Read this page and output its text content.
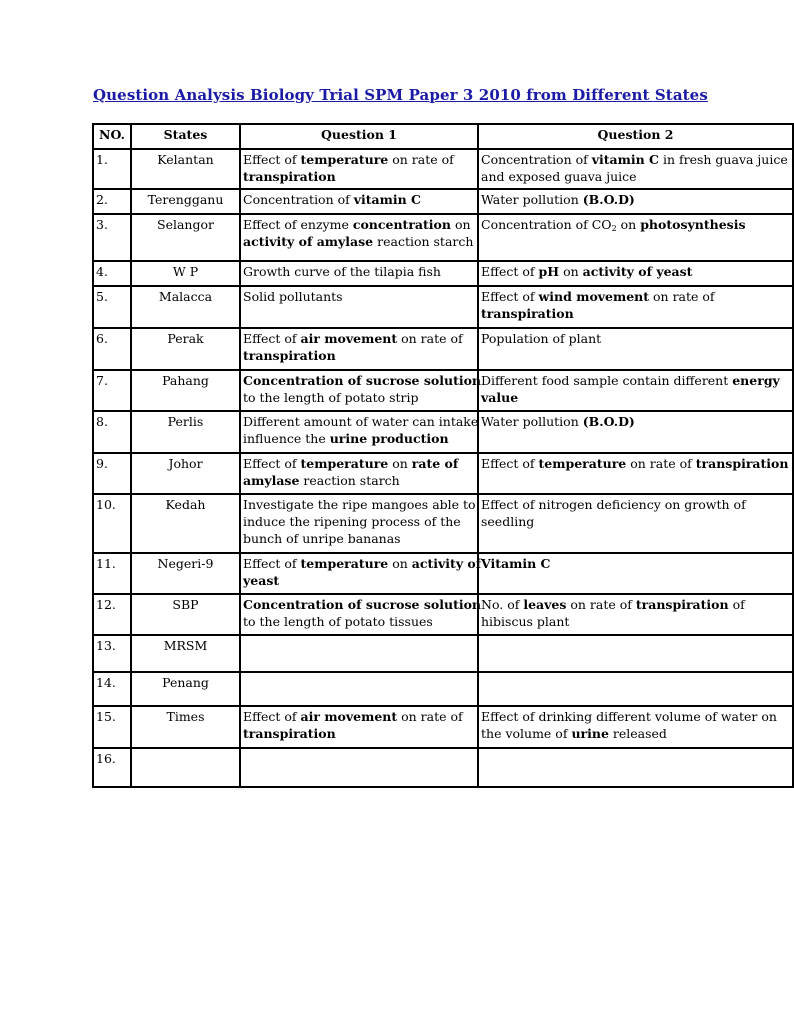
Question Analysis Biology Trial SPM Paper 3 2010 from Different States
NO.	States	Question 1	Question 2
1.	Kelantan	Effect of temperature on rate of
transpiration	Concentration of vitamin C in fresh guava juice
and exposed guava juice
2.	Terengganu	Concentration of vitamin C	Water pollution (B.O.D)
3.	Selangor	Effect of enzyme concentration on
activity of amylase reaction starch	Concentration of $CO_2$ on photosynthesis
4.	W P	Growth curve of the tilapia fish	Effect of pH on activity of yeast
5.	Malacca	Solid pollutants	Effect of wind movement on rate of
transpiration
6.	Perak	Effect of air movement on rate of
transpiration	Population of plant
7.	Pahang	Concentration of sucrose solution
to the length of potato strip	Different food sample contain different energy
value
8.	Perlis	Different amount of water can intake
influence the urine production	Water pollution (B.O.D)
9.	Johor	Effect of temperature on rate of
amylase reaction starch	Effect of temperature on rate of transpiration
10.	Kedah	Investigate the ripe mangoes able to
induce the ripening process of the
bunch of unripe bananas	Effect of nitrogen deficiency on growth of
seedling
11.	Negeri-9	Effect of temperature on activity of
yeast	Vitamin C
12.	SBP	Concentration of sucrose solution
to the length of potato tissues	No. of leaves on rate of transpiration of
hibiscus plant
13.	MRSM		
14.	Penang		
15.	Times	Effect of air movement on rate of
transpiration	Effect of drinking different volume of water on
the volume of urine released
16.			
